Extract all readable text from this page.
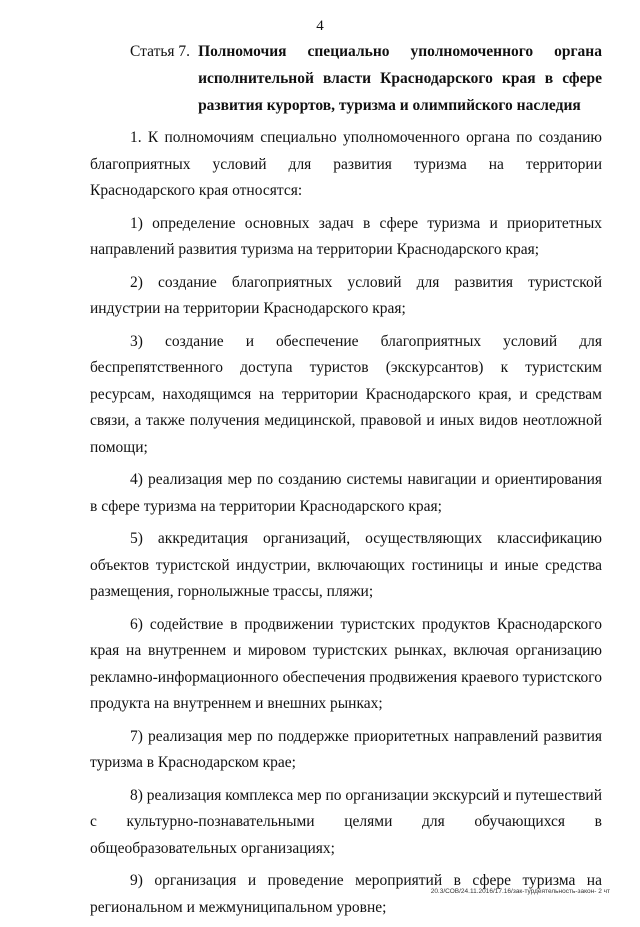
4
Статья 7. Полномочия специально уполномоченного органа исполнительной власти Краснодарского края в сфере развития курортов, туризма и олимпийского наследия

1. К полномочиям специально уполномоченного органа по созданию благоприятных условий для развития туризма на территории Краснодарского края относятся:

1) определение основных задач в сфере туризма и приоритетных направлений развития туризма на территории Краснодарского края;

2) создание благоприятных условий для развития туристской индустрии на территории Краснодарского края;

3) создание и обеспечение благоприятных условий для беспрепятственного доступа туристов (экскурсантов) к туристским ресурсам, находящимся на территории Краснодарского края, и средствам связи, а также получения медицинской, правовой и иных видов неотложной помощи;

4) реализация мер по созданию системы навигации и ориентирования в сфере туризма на территории Краснодарского края;

5) аккредитация организаций, осуществляющих классификацию объектов туристской индустрии, включающих гостиницы и иные средства размещения, горнолыжные трассы, пляжи;

6) содействие в продвижении туристских продуктов Краснодарского края на внутреннем и мировом туристских рынках, включая организацию рекламно-информационного обеспечения продвижения краевого туристского продукта на внутреннем и внешних рынках;

7) реализация мер по поддержке приоритетных направлений развития туризма в Краснодарском крае;

8) реализация комплекса мер по организации экскурсий и путешествий с культурно-познавательными целями для обучающихся в общеобразовательных организациях;

9) организация и проведение мероприятий в сфере туризма на региональном и межмуниципальном уровне;

20.3/СОВ/24.11.2016/17.16/зак-турдеятельность-закон- 2 чт
